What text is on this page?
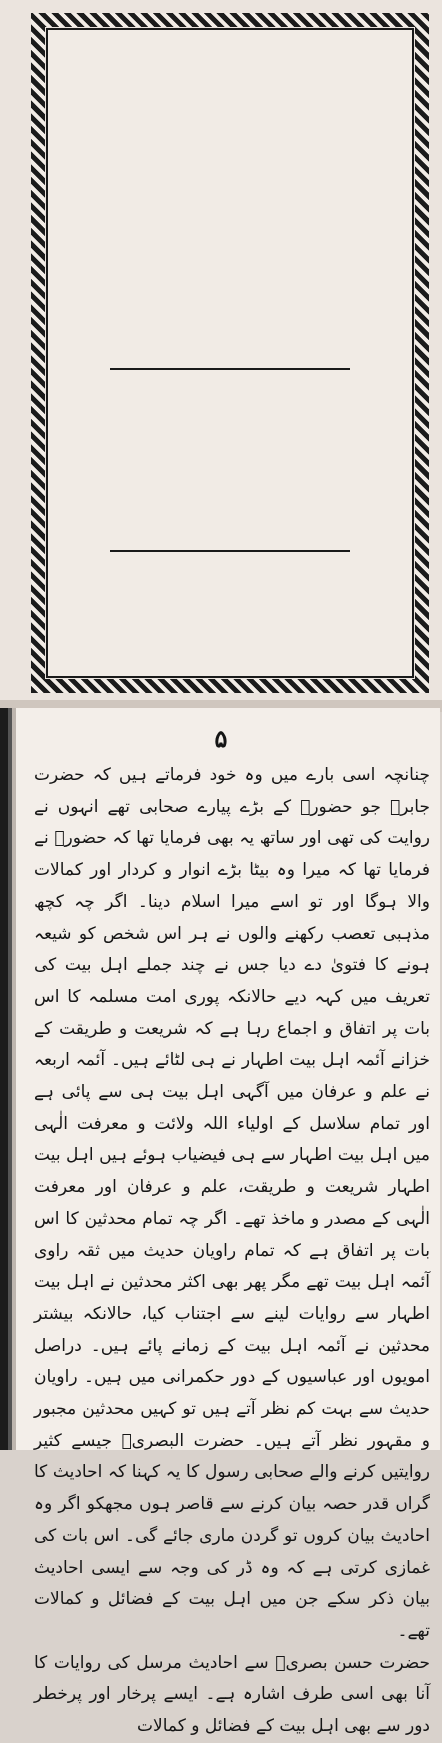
۵

چنانچہ اسی بارے میں وہ خود فرماتے ہیں کہ حضرت جابرؓ جو حضورؐ کے بڑے پیارے صحابی تھے انہوں نے روایت کی تھی اور ساتھ یہ بھی فرمایا تھا کہ حضورؐ نے فرمایا تھا کہ میرا وہ بیٹا بڑے انوار و کردار اور کمالات والا ہوگا اور تو اسے میرا اسلام دینا۔ اگر چہ کچھ مذہبی تعصب رکھنے والوں نے ہر اس شخص کو شیعہ ہونے کا فتویٰ دے دیا جس نے چند جملے اہل بیت کی تعریف میں کہہ دیے حالانکہ پوری امت مسلمہ کا اس بات پر اتفاق و اجماع رہا ہے کہ شریعت و طریقت کے خزانے آئمہ اہل بیت اطہار نے ہی لٹائے ہیں۔ آئمہ اربعہ نے علم و عرفان میں آگہی اہل بیت ہی سے پائی ہے اور تمام سلاسل کے اولیاء اللہ ولائت و معرفت الٰہی میں اہل بیت اطہار سے ہی فیضیاب ہوئے ہیں اہل بیت اطہار شریعت و طریقت، علم و عرفان اور معرفت الٰہی کے مصدر و ماخذ تھے۔ اگر چہ تمام محدثین کا اس بات پر اتفاق ہے کہ تمام راویان حدیث میں ثقہ راوی آئمہ اہل بیت تھے مگر پھر بھی اکثر محدثین نے اہل بیت اطہار سے روایات لینے سے اجتناب کیا، حالانکہ بیشتر محدثین نے آئمہ اہل بیت کے زمانے پائے ہیں۔ دراصل امویوں اور عباسیوں کے دور حکمرانی میں ہیں۔ راویان حدیث سے بہت کم نظر آتے ہیں تو کہیں محدثین مجبور و مقہور نظر آتے ہیں۔ حضرت البصریؒ جیسے کثیر روایتیں کرنے والے صحابی رسول کا یہ کہنا کہ احادیث کا گراں قدر حصہ بیان کرنے سے قاصر ہوں مجھکو اگر وہ احادیث بیان کروں تو گردن ماری جائے گی۔ اس بات کی غمازی کرتی ہے کہ وہ ڈر کی وجہ سے ایسی احادیث بیان ذکر سکے جن میں اہل بیت کے فضائل و کمالات تھے۔

حضرت حسن بصریؒ سے احادیث مرسل کی روایات کا آنا بھی اسی طرف اشارہ ہے۔ ایسے پرخار اور پرخطر دور سے بھی اہل بیت کے فضائل و کمالات
